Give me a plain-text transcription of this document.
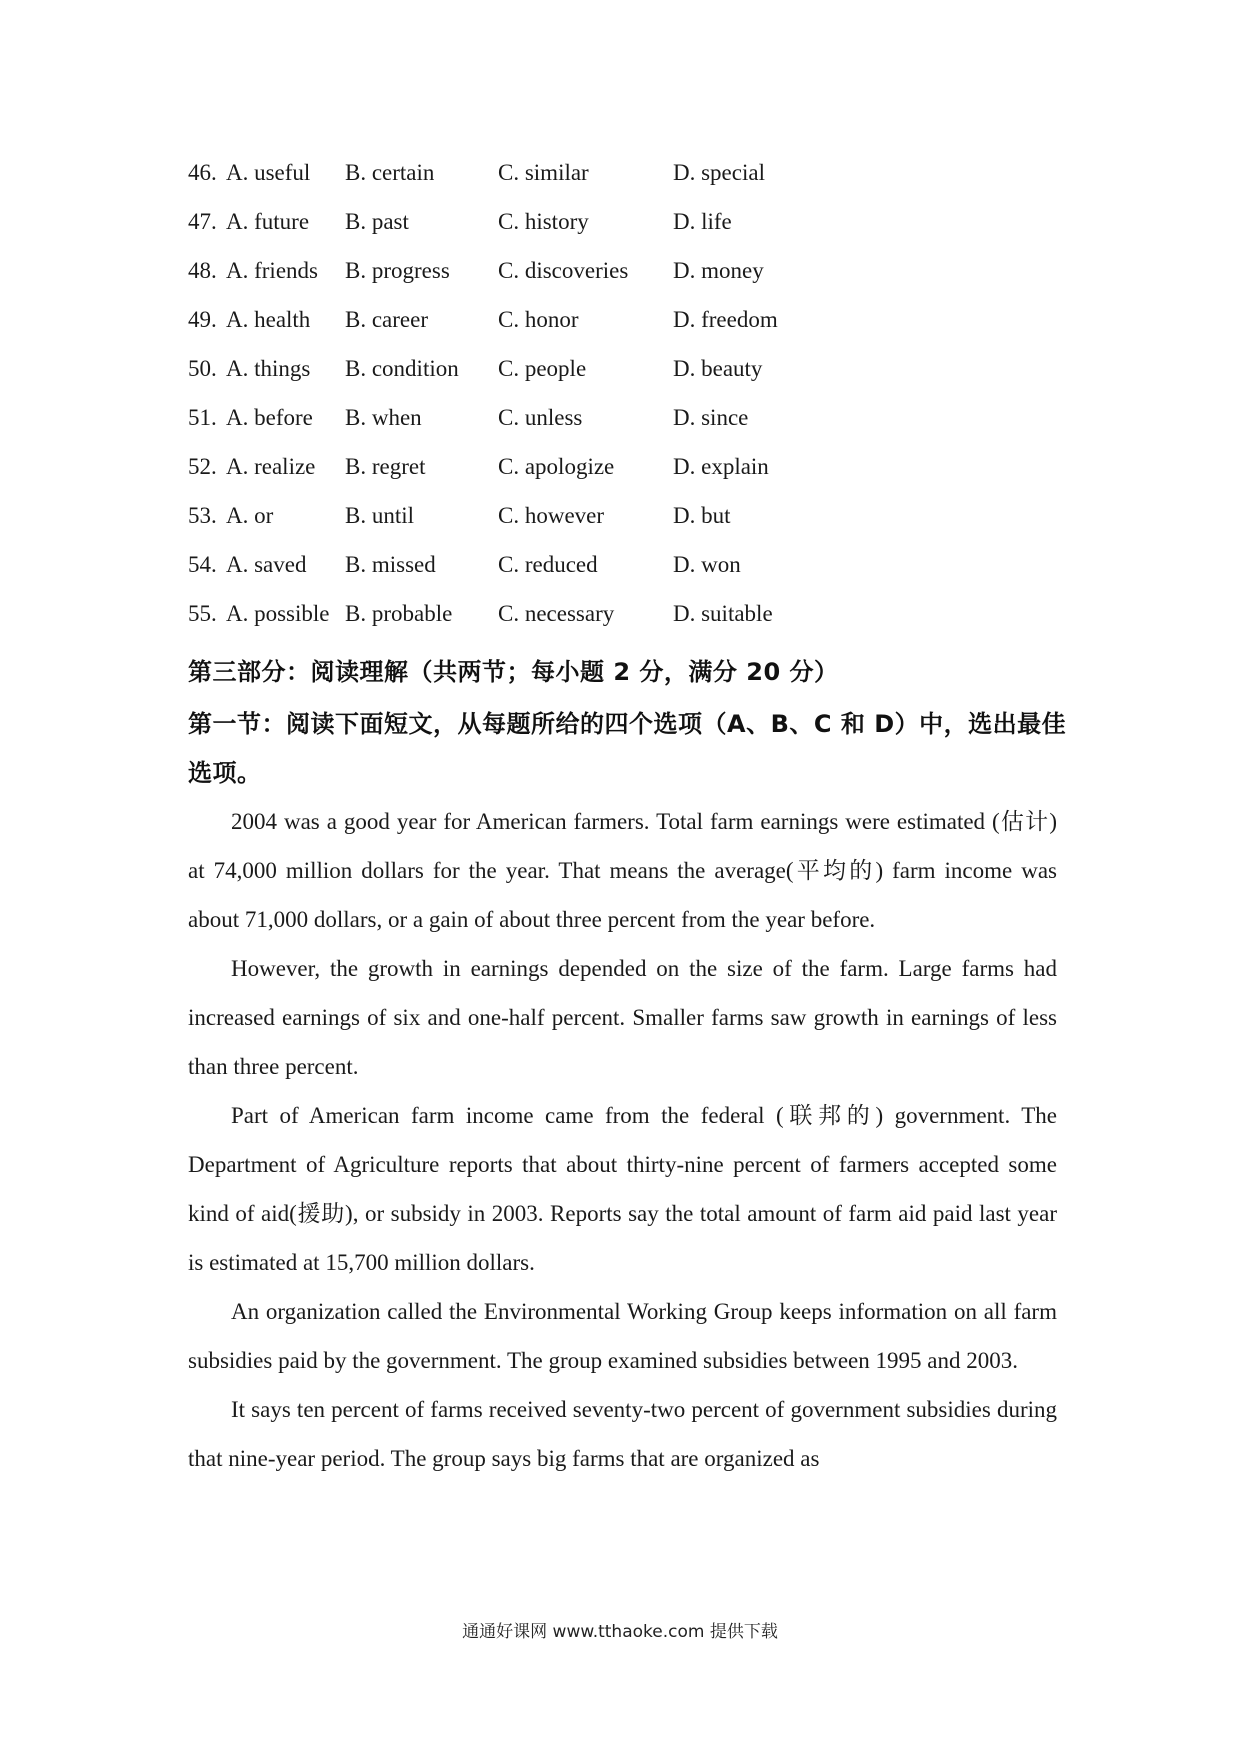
46. A. useful B. certain	C. similar	D. special
47. A. future B. past	C. history	D. life
48. A. friends B. progress C. discoveries D. money
49. A. health B. career	C. honor	D. freedom
50. A. things B. condition C. people	D. beauty
51. A. before B. when	C. unless	D. since
52. A. realize B. regret	C. apologize	D. explain
53. A. or	B. until	C. however	D. but
54. A. saved B. missed	C. reduced	D. won
55. A. possible B. probable C. necessary	D. suitable
第三部分：阅读理解（共两节；每小题 2 分，满分 20 分）
第一节：阅读下面短文，从每题所给的四个选项（A、B、C 和 D）中，选出最佳选项。

2004 was a good year for American farmers. Total farm earnings were estimated (估计) at 74,000 million dollars for the year. That means the average(平均的) farm income was about 71,000 dollars, or a gain of about three percent from the year before.

However, the growth in earnings depended on the size of the farm. Large farms had increased earnings of six and one-half percent. Smaller farms saw growth in earnings of less than three percent.

Part of American farm income came from the federal (联邦的) government. The Department of Agriculture reports that about thirty-nine percent of farmers accepted some kind of aid(援助), or subsidy in 2003. Reports say the total amount of farm aid paid last year is estimated at 15,700 million dollars.

An organization called the Environmental Working Group keeps information on all farm subsidies paid by the government. The group examined subsidies between 1995 and 2003.

It says ten percent of farms received seventy-two percent of government subsidies during that nine-year period. The group says big farms that are organized as

通通好课网 www.tthaoke.com 提供下载
